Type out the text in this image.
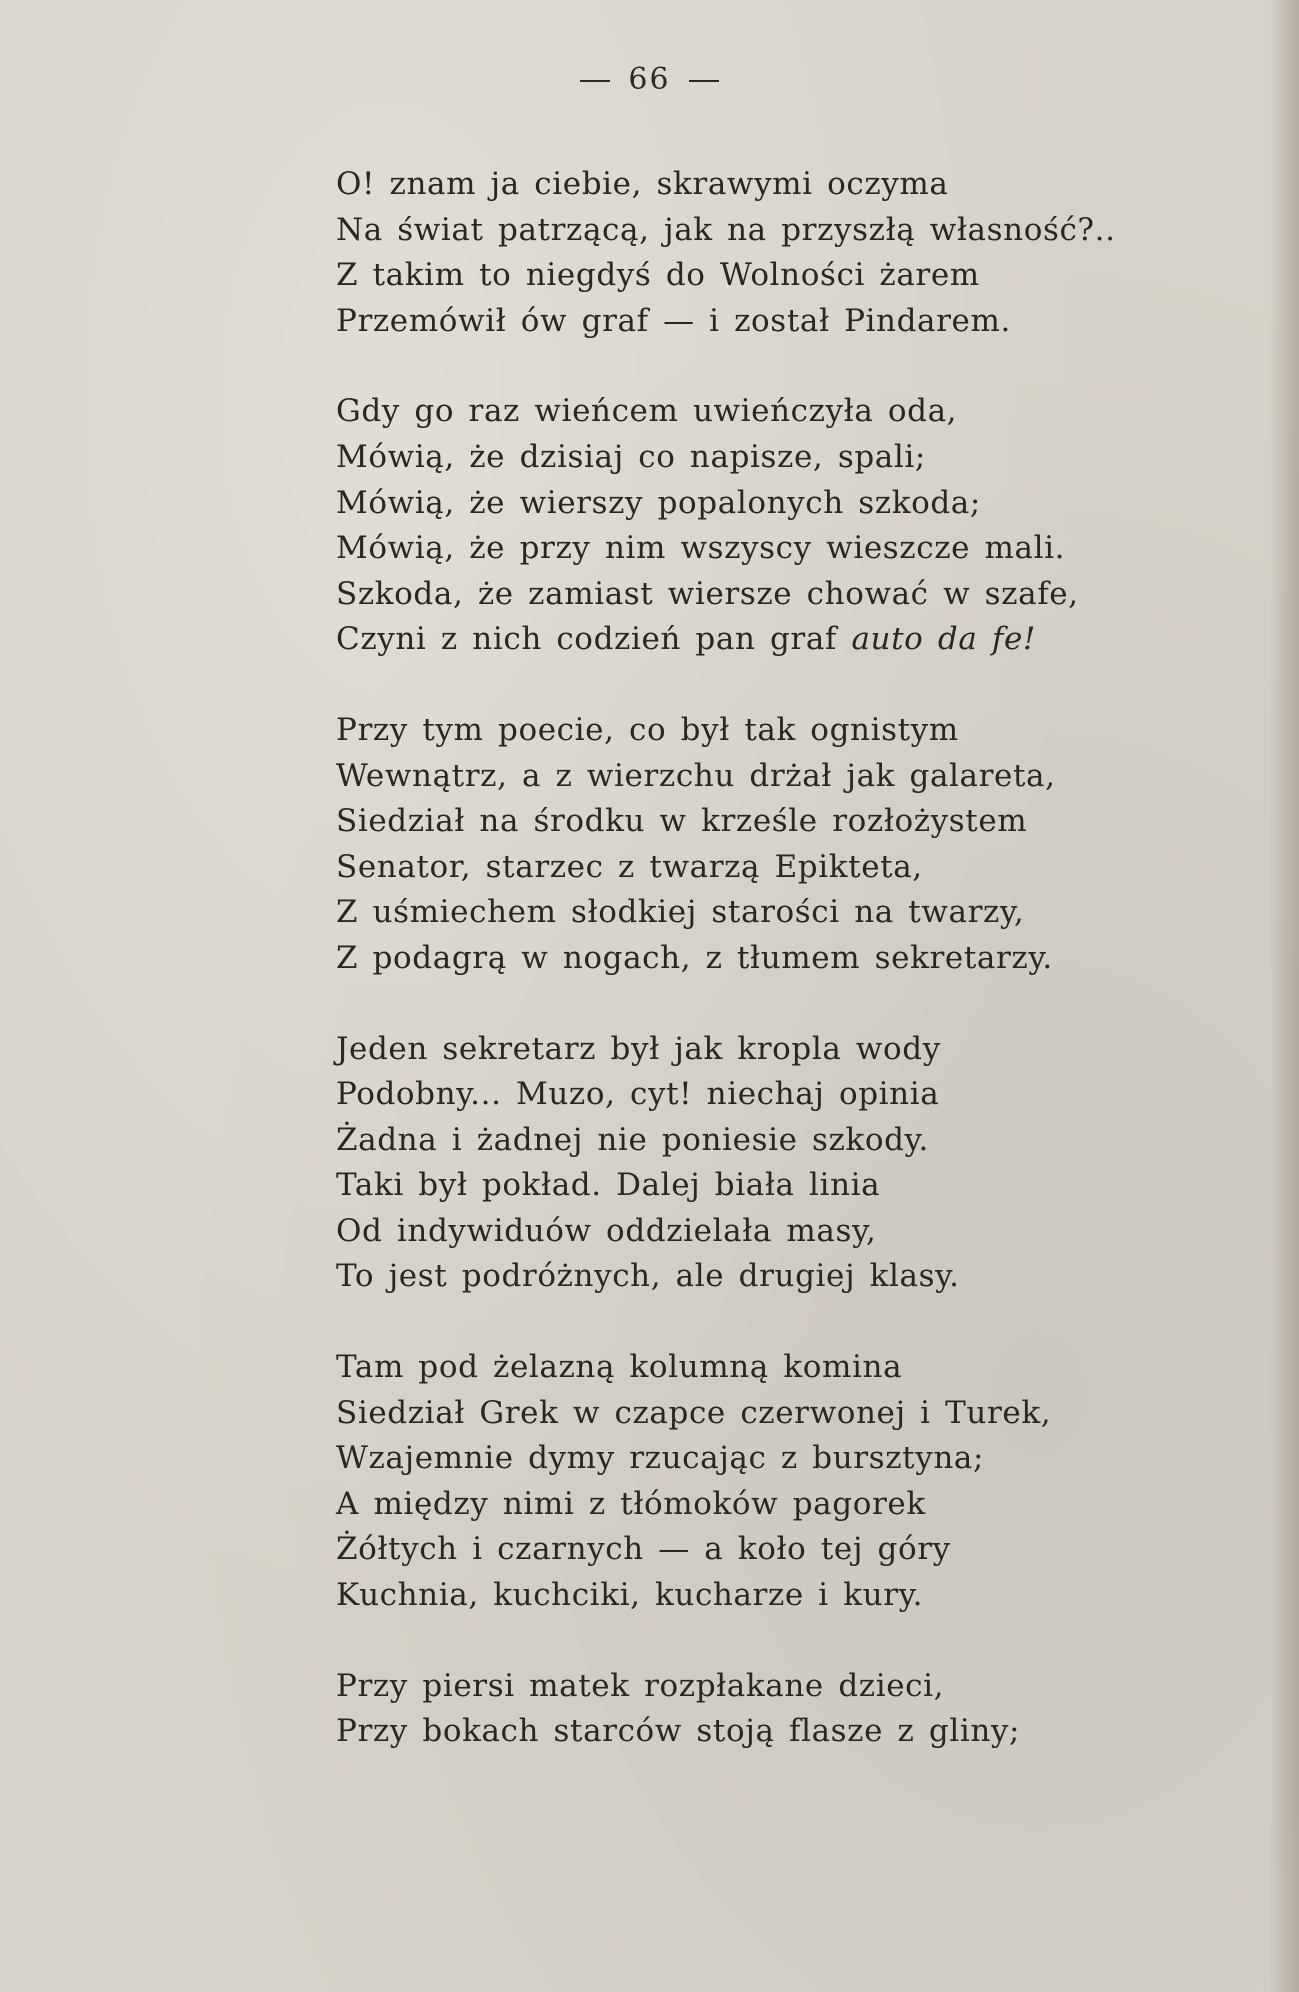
66
O! znam ja ciebie, skrawymi oczyma
Na świat patrzącą, jak na przyszłą własność?..
Z takim to niegdyś do Wolności żarem
Przemówił ów graf — i został Pindarem.
Gdy go raz wieńcem uwieńczyła oda,
Mówią, że dzisiaj co napisze, spali;
Mówią, że wierszy popalonych szkoda;
Mówią, że przy nim wszyscy wieszcze mali.
Szkoda, że zamiast wiersze chować w szafe,
Czyni z nich codzień pan graf auto da fe!
Przy tym poecie, co był tak ognistym
Wewnątrz, a z wierzchu drżał jak galareta,
Siedział na środku w krześle rozłożystem
Senator, starzec z twarzą Epikteta,
Z uśmiechem słodkiej starości na twarzy,
Z podagrą w nogach, z tłumem sekretarzy.
Jeden sekretarz był jak kropla wody
Podobny... Muzo, cyt! niechaj opinia
Żadna i żadnej nie poniesie szkody.
Taki był pokład. Dalej biała linia
Od indywiduów oddzielała masy,
To jest podróżnych, ale drugiej klasy.
Tam pod żelazną kolumną komina
Siedział Grek w czapce czerwonej i Turek,
Wzajemnie dymy rzucając z bursztyna;
A między nimi z tłómoków pagorek
Żółtych i czarnych — a koło tej góry
Kuchnia, kuchciki, kucharze i kury.
Przy piersi matek rozpłakane dzieci,
Przy bokach starców stoją flasze z gliny;
